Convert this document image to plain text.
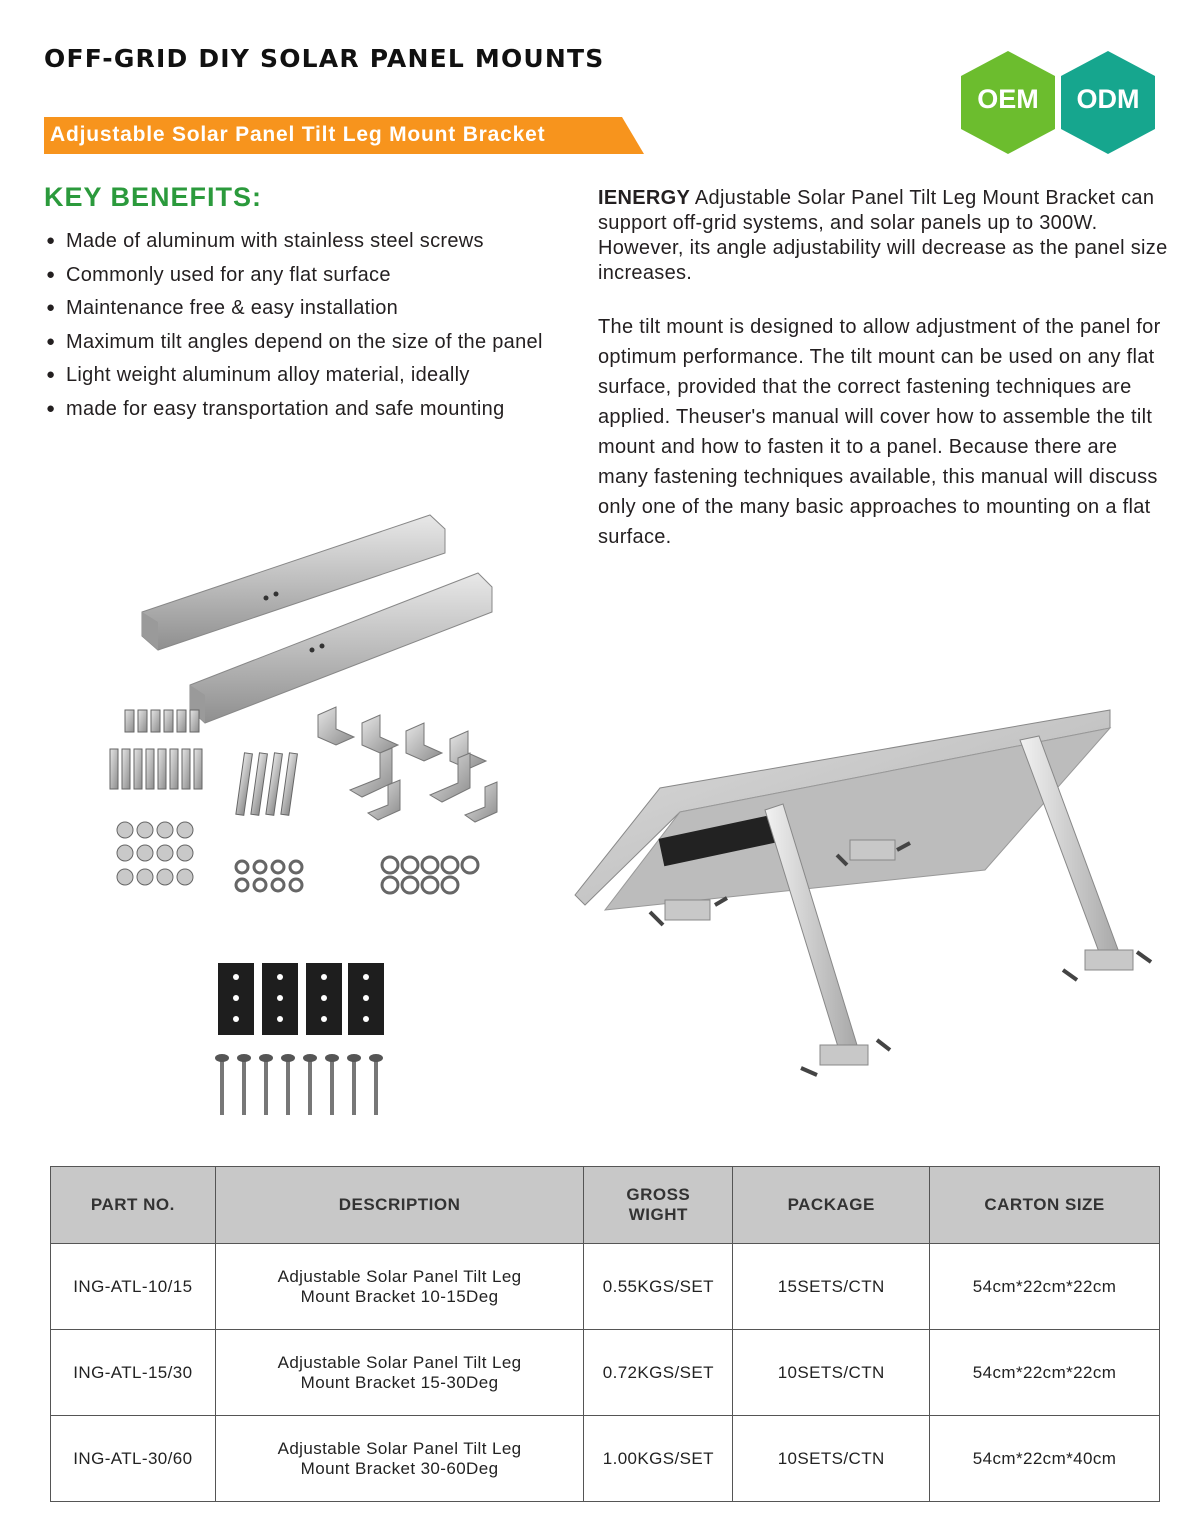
OFF-GRID DIY SOLAR PANEL MOUNTS
Adjustable Solar Panel Tilt Leg Mount Bracket
OEM	ODM
KEY BENEFITS:
● Made of aluminum with stainless steel screws
● Commonly used for any flat surface
● Maintenance free & easy installation
● Maximum tilt angles depend on the size of the panel
● Light weight aluminum alloy material, ideally
● made for easy transportation and safe mounting
IENERGY Adjustable Solar Panel Tilt Leg Mount Bracket can support off-grid systems, and solar panels up to 300W. However, its angle adjustability will decrease as the panel size increases.
The tilt mount is designed to allow adjustment of the panel for optimum performance. The tilt mount can be used on any flat surface, provided that the correct fastening techniques are applied. Theuser's manual will cover how to assemble the tilt mount and how to fasten it to a panel. Because there are many fastening techniques available, this manual will discuss only one of the many basic approaches to mounting on a flat surface.
PART NO.	DESCRIPTION	GROSS WIGHT	PACKAGE	CARTON SIZE
ING-ATL-10/15	Adjustable Solar Panel Tilt Leg
Mount Bracket 10-15Deg	0.55KGS/SET	15SETS/CTN	54cm*22cm*22cm
ING-ATL-15/30	Adjustable Solar Panel Tilt Leg
Mount Bracket 15-30Deg	0.72KGS/SET	10SETS/CTN	54cm*22cm*22cm
ING-ATL-30/60	Adjustable Solar Panel Tilt Leg
Mount Bracket 30-60Deg	1.00KGS/SET	10SETS/CTN	54cm*22cm*40cm
